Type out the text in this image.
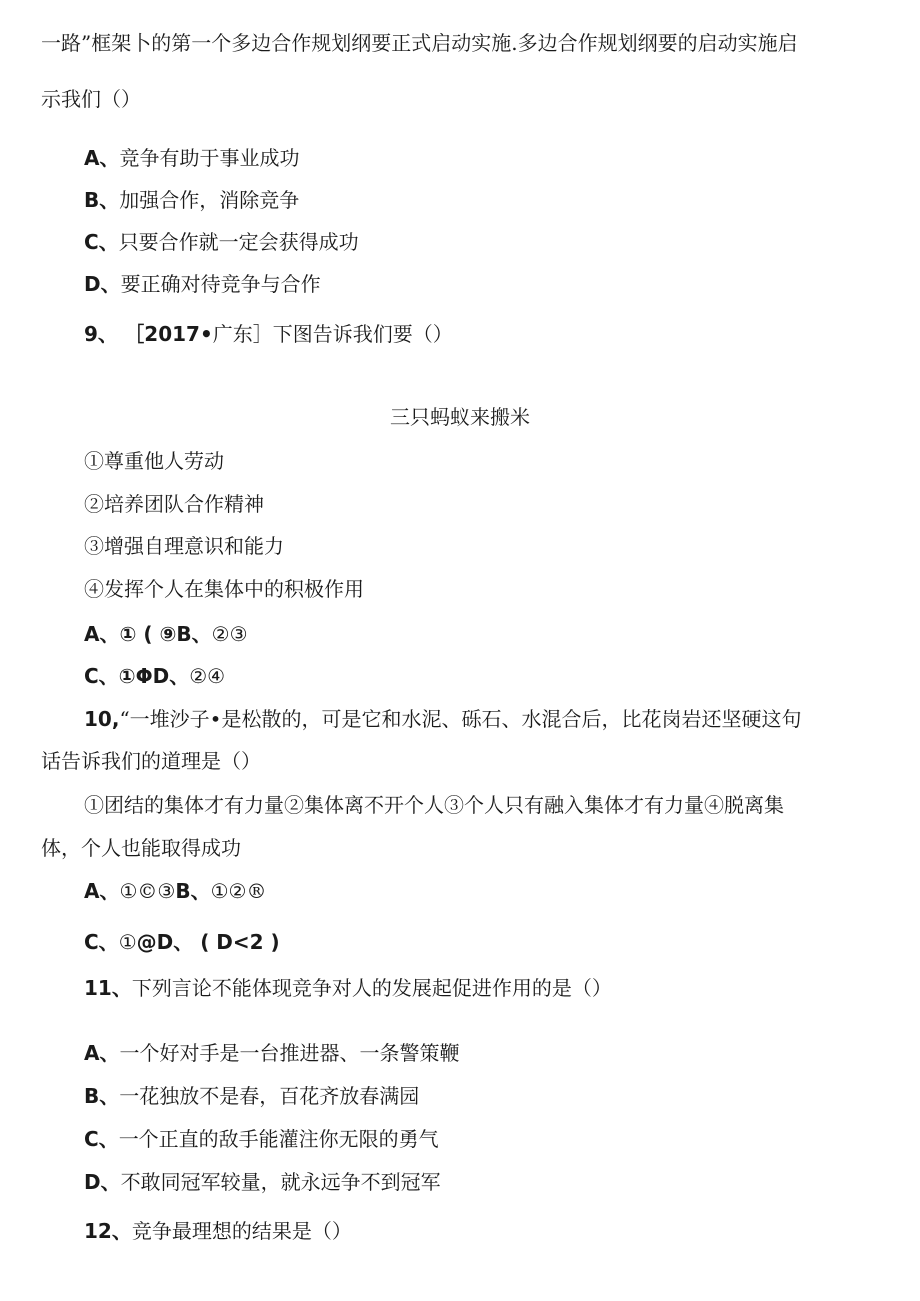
一路”框架卜的第一个多边合作规划纲要正式启动实施.多边合作规划纲要的启动实施启
示我们（）
A、竞争有助于事业成功
B、加强合作，消除竞争
C、只要合作就一定会获得成功
D、要正确对待竞争与合作
9、 ［2017•广东］下图告诉我们要（）
三只蚂蚁来搬米
①尊重他人劳动
②培养团队合作精神
③增强自理意识和能力
④发挥个人在集体中的积极作用
A、① ( ⑨B、②③
C、①ΦD、②④
10,“一堆沙子•是松散的，可是它和水泥、砾石、水混合后，比花岗岩还坚硬这句
话告诉我们的道理是（）
①团结的集体才有力量②集体离不开个人③个人只有融入集体才有力量④脱离集
体，个人也能取得成功
A、①©③B、①②®
C、①@D、 ( D<2 )
11、下列言论不能体现竞争对人的发展起促进作用的是（）
A、一个好对手是一台推进器、一条警策鞭
B、一花独放不是春，百花齐放春满园
C、一个正直的敌手能灌注你无限的勇气
D、不敢同冠军较量，就永远争不到冠军
12、竞争最理想的结果是（）
